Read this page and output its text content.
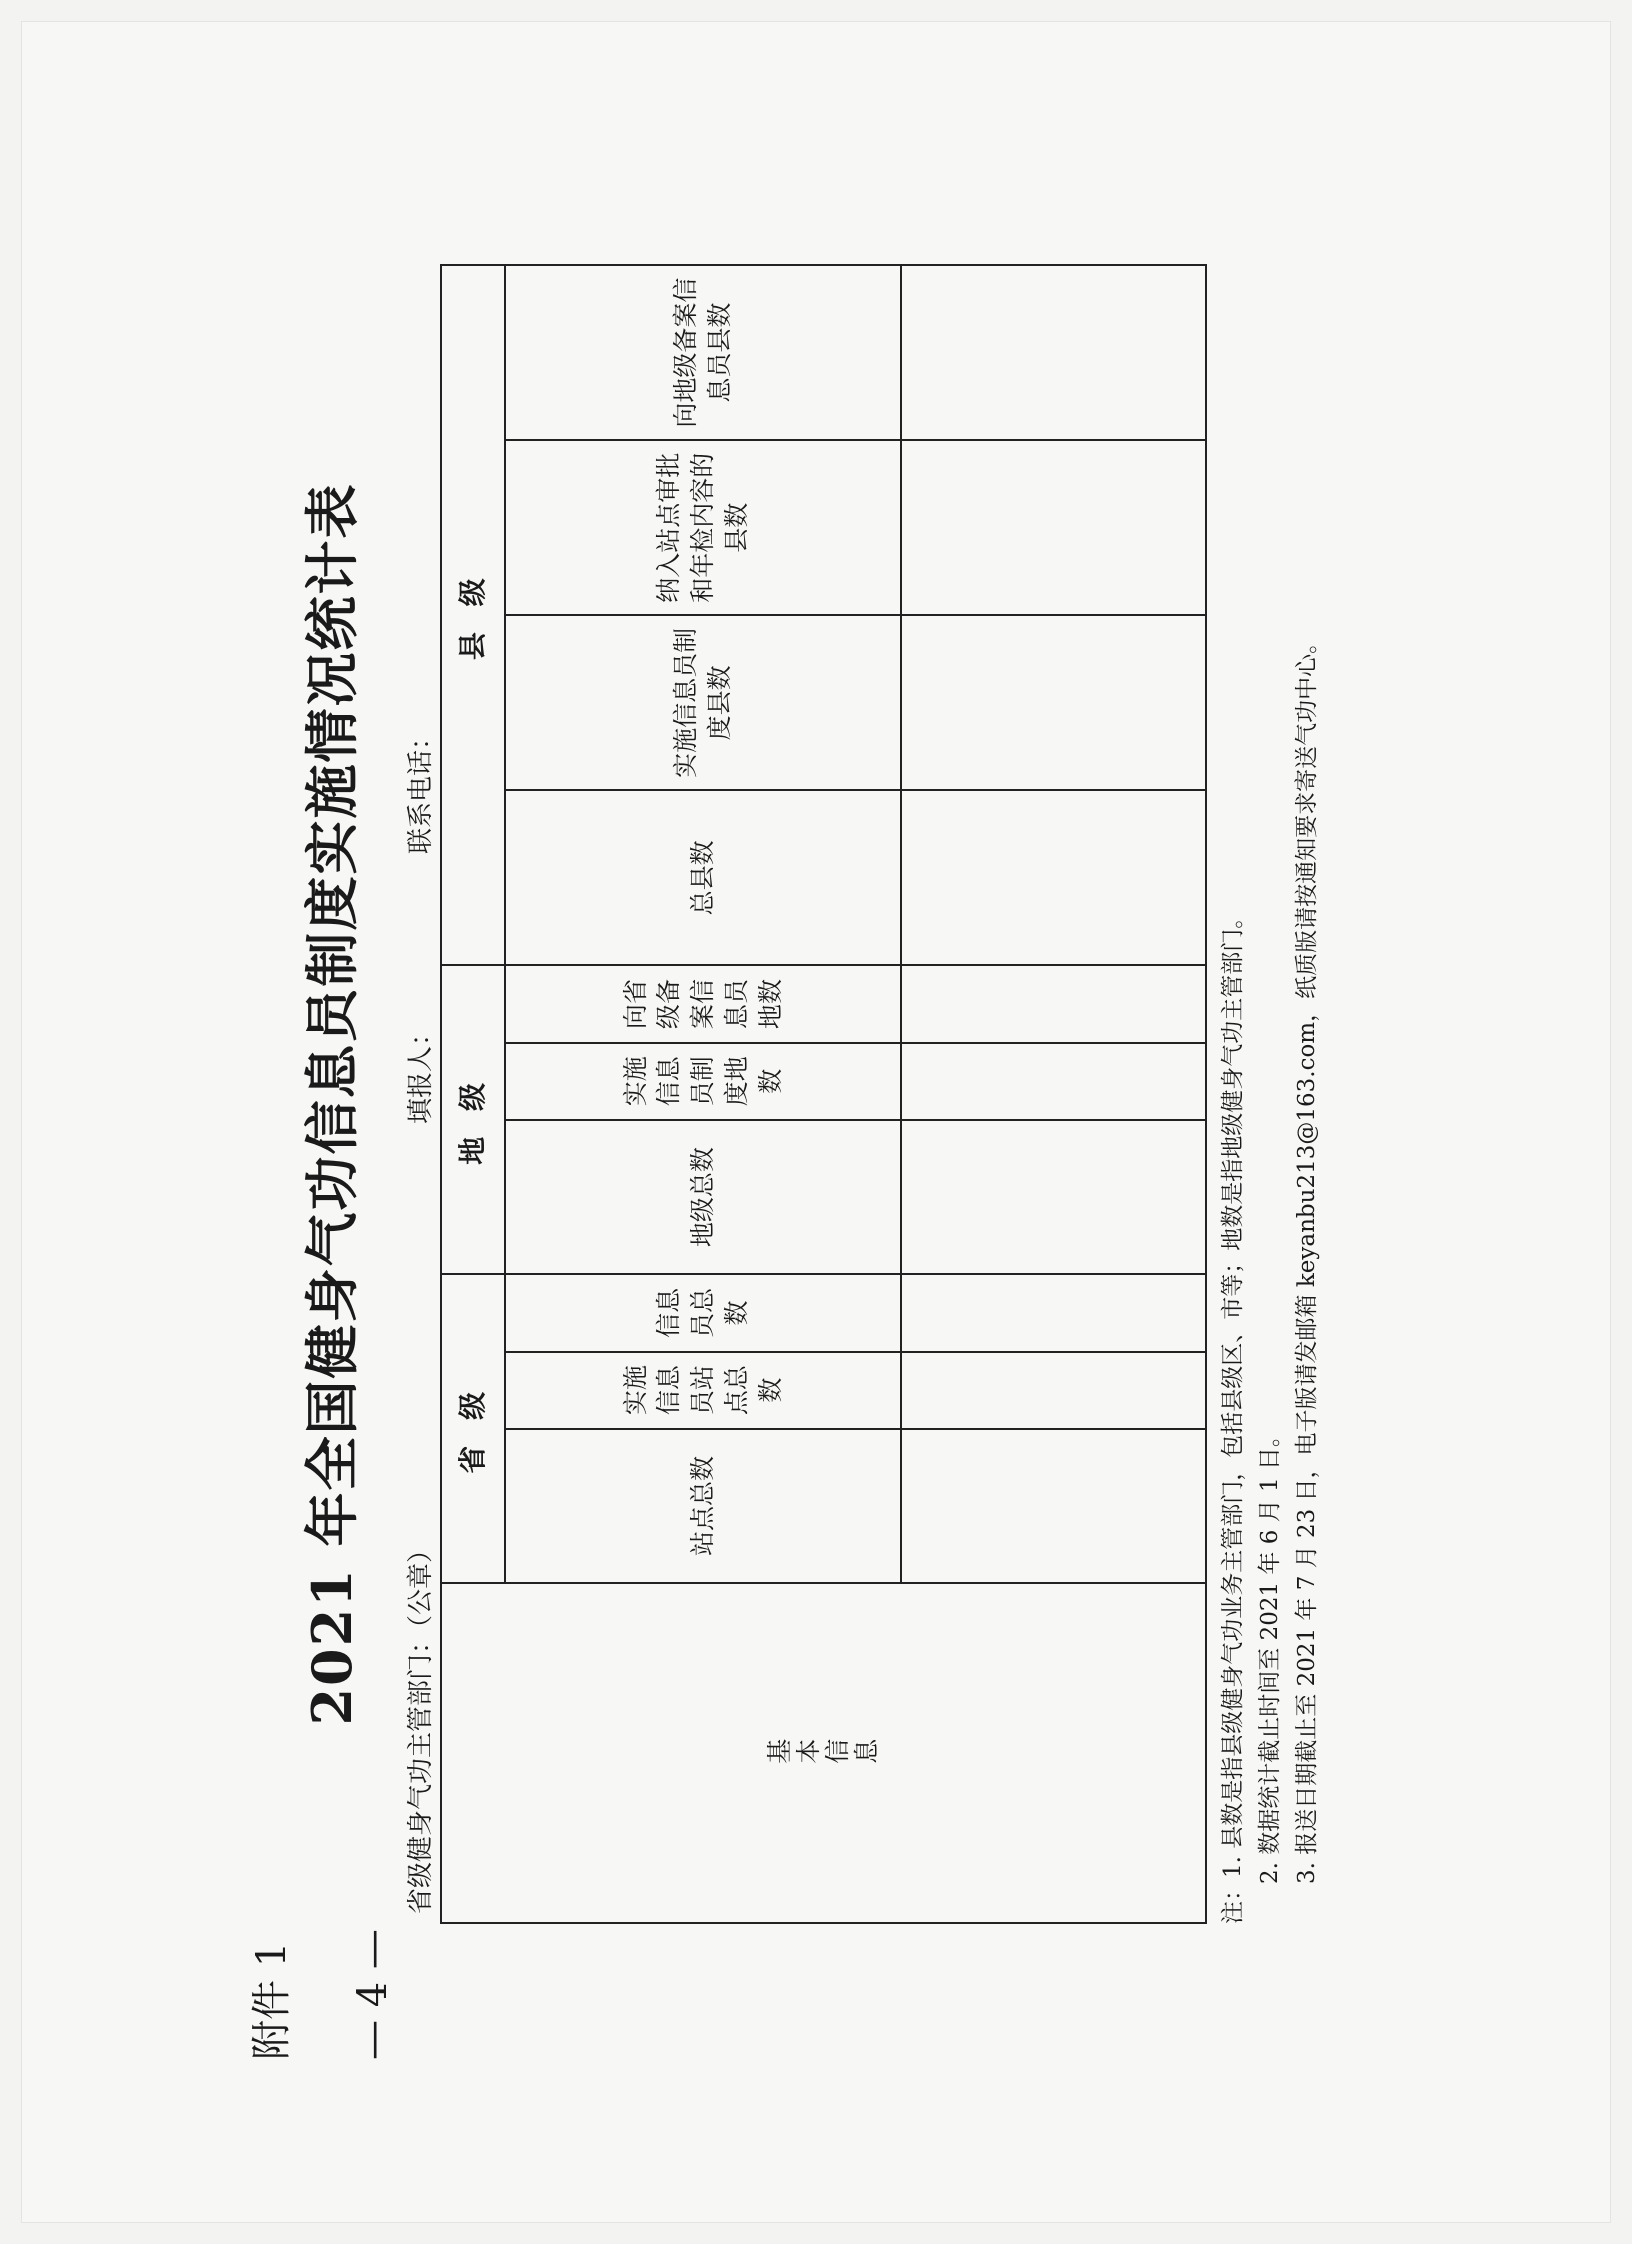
附件 1 — 4 —
2021 年全国健身气功信息员制度实施情况统计表 省级健身气功主管部门：（公章）
填报人：
联系电话：
基本信息	省 级			地 级			县 级			
	站点总数	实施信息员站点总数	信息员总数	地级总数	实施信息员制度地数	向省级备案信息员地数	总县数	实施信息员制度县数	纳入站点审批和年检内容的县数	向地级备案信息员县数

注：1. 县数是指县级健身气功业务主管部门，包括县级区、市等；地数是指地级健身气功主管部门。 2. 数据统计截止时间至 2021 年 6 月 1 日。 3. 报送日期截止至 2021 年 7 月 23 日，电子版请发邮箱 keyanbu213@163.com，纸质版请按通知要求寄送气功中心。
